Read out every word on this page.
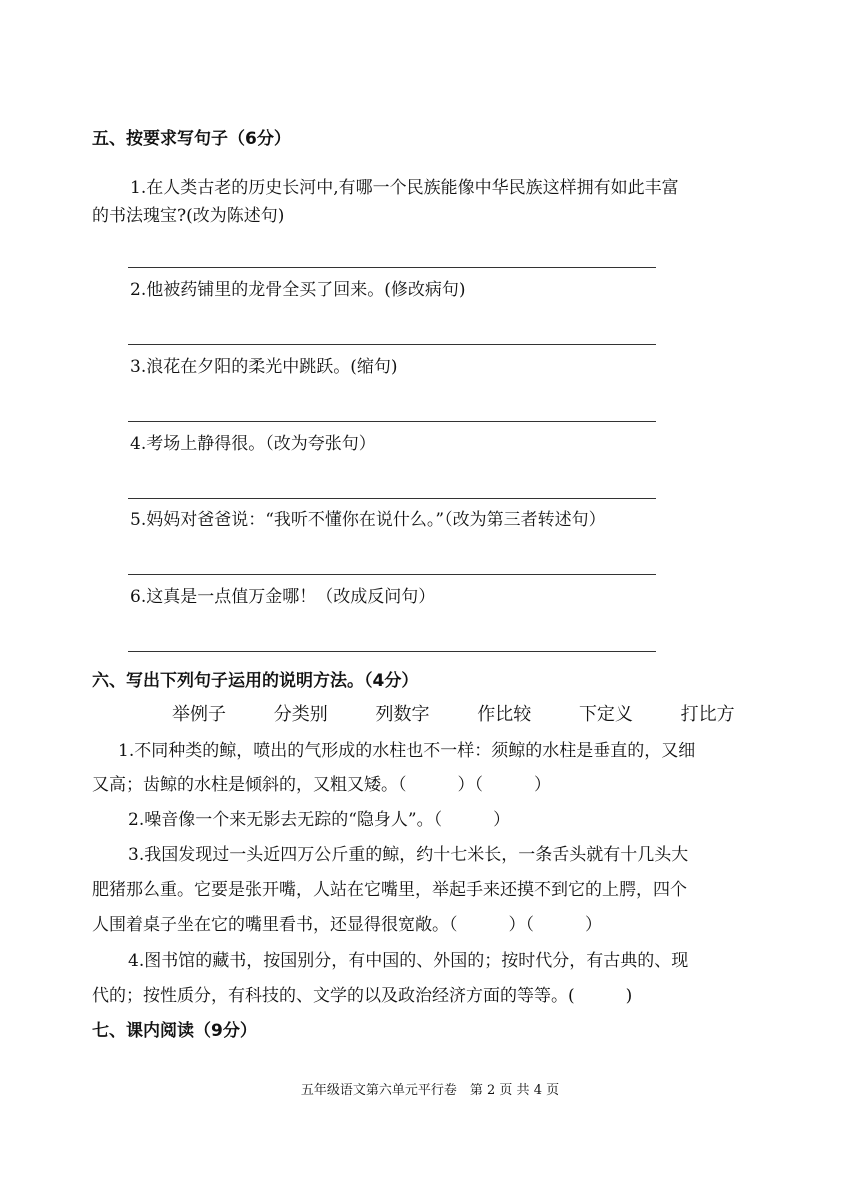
五、按要求写句子（6分）
1.在人类古老的历史长河中,有哪一个民族能像中华民族这样拥有如此丰富
的书法瑰宝?(改为陈述句)
2.他被药铺里的龙骨全买了回来。(修改病句)
3.浪花在夕阳的柔光中跳跃。(缩句)
4.考场上静得很。（改为夸张句）
5.妈妈对爸爸说：“我听不懂你在说什么。”（改为第三者转述句）
6.这真是一点值万金哪！（改成反问句）
六、写出下列句子运用的说明方法。（4分）
举例子	分类别	列数字	作比较	下定义	打比方
1.不同种类的鲸，喷出的气形成的水柱也不一样：须鲸的水柱是垂直的，又细
又高；齿鲸的水柱是倾斜的，又粗又矮。（　　　）（　　　）
2.噪音像一个来无影去无踪的“隐身人”。（　　　）
3.我国发现过一头近四万公斤重的鲸，约十七米长，一条舌头就有十几头大
肥猪那么重。它要是张开嘴，人站在它嘴里，举起手来还摸不到它的上腭，四个
人围着桌子坐在它的嘴里看书，还显得很宽敞。（　　　）（　　　）
4.图书馆的藏书，按国别分，有中国的、外国的；按时代分，有古典的、现
代的；按性质分，有科技的、文学的以及政治经济方面的等等。(　　　)
七、课内阅读（9分）
五年级语文第六单元平行卷　第 2 页 共 4 页
